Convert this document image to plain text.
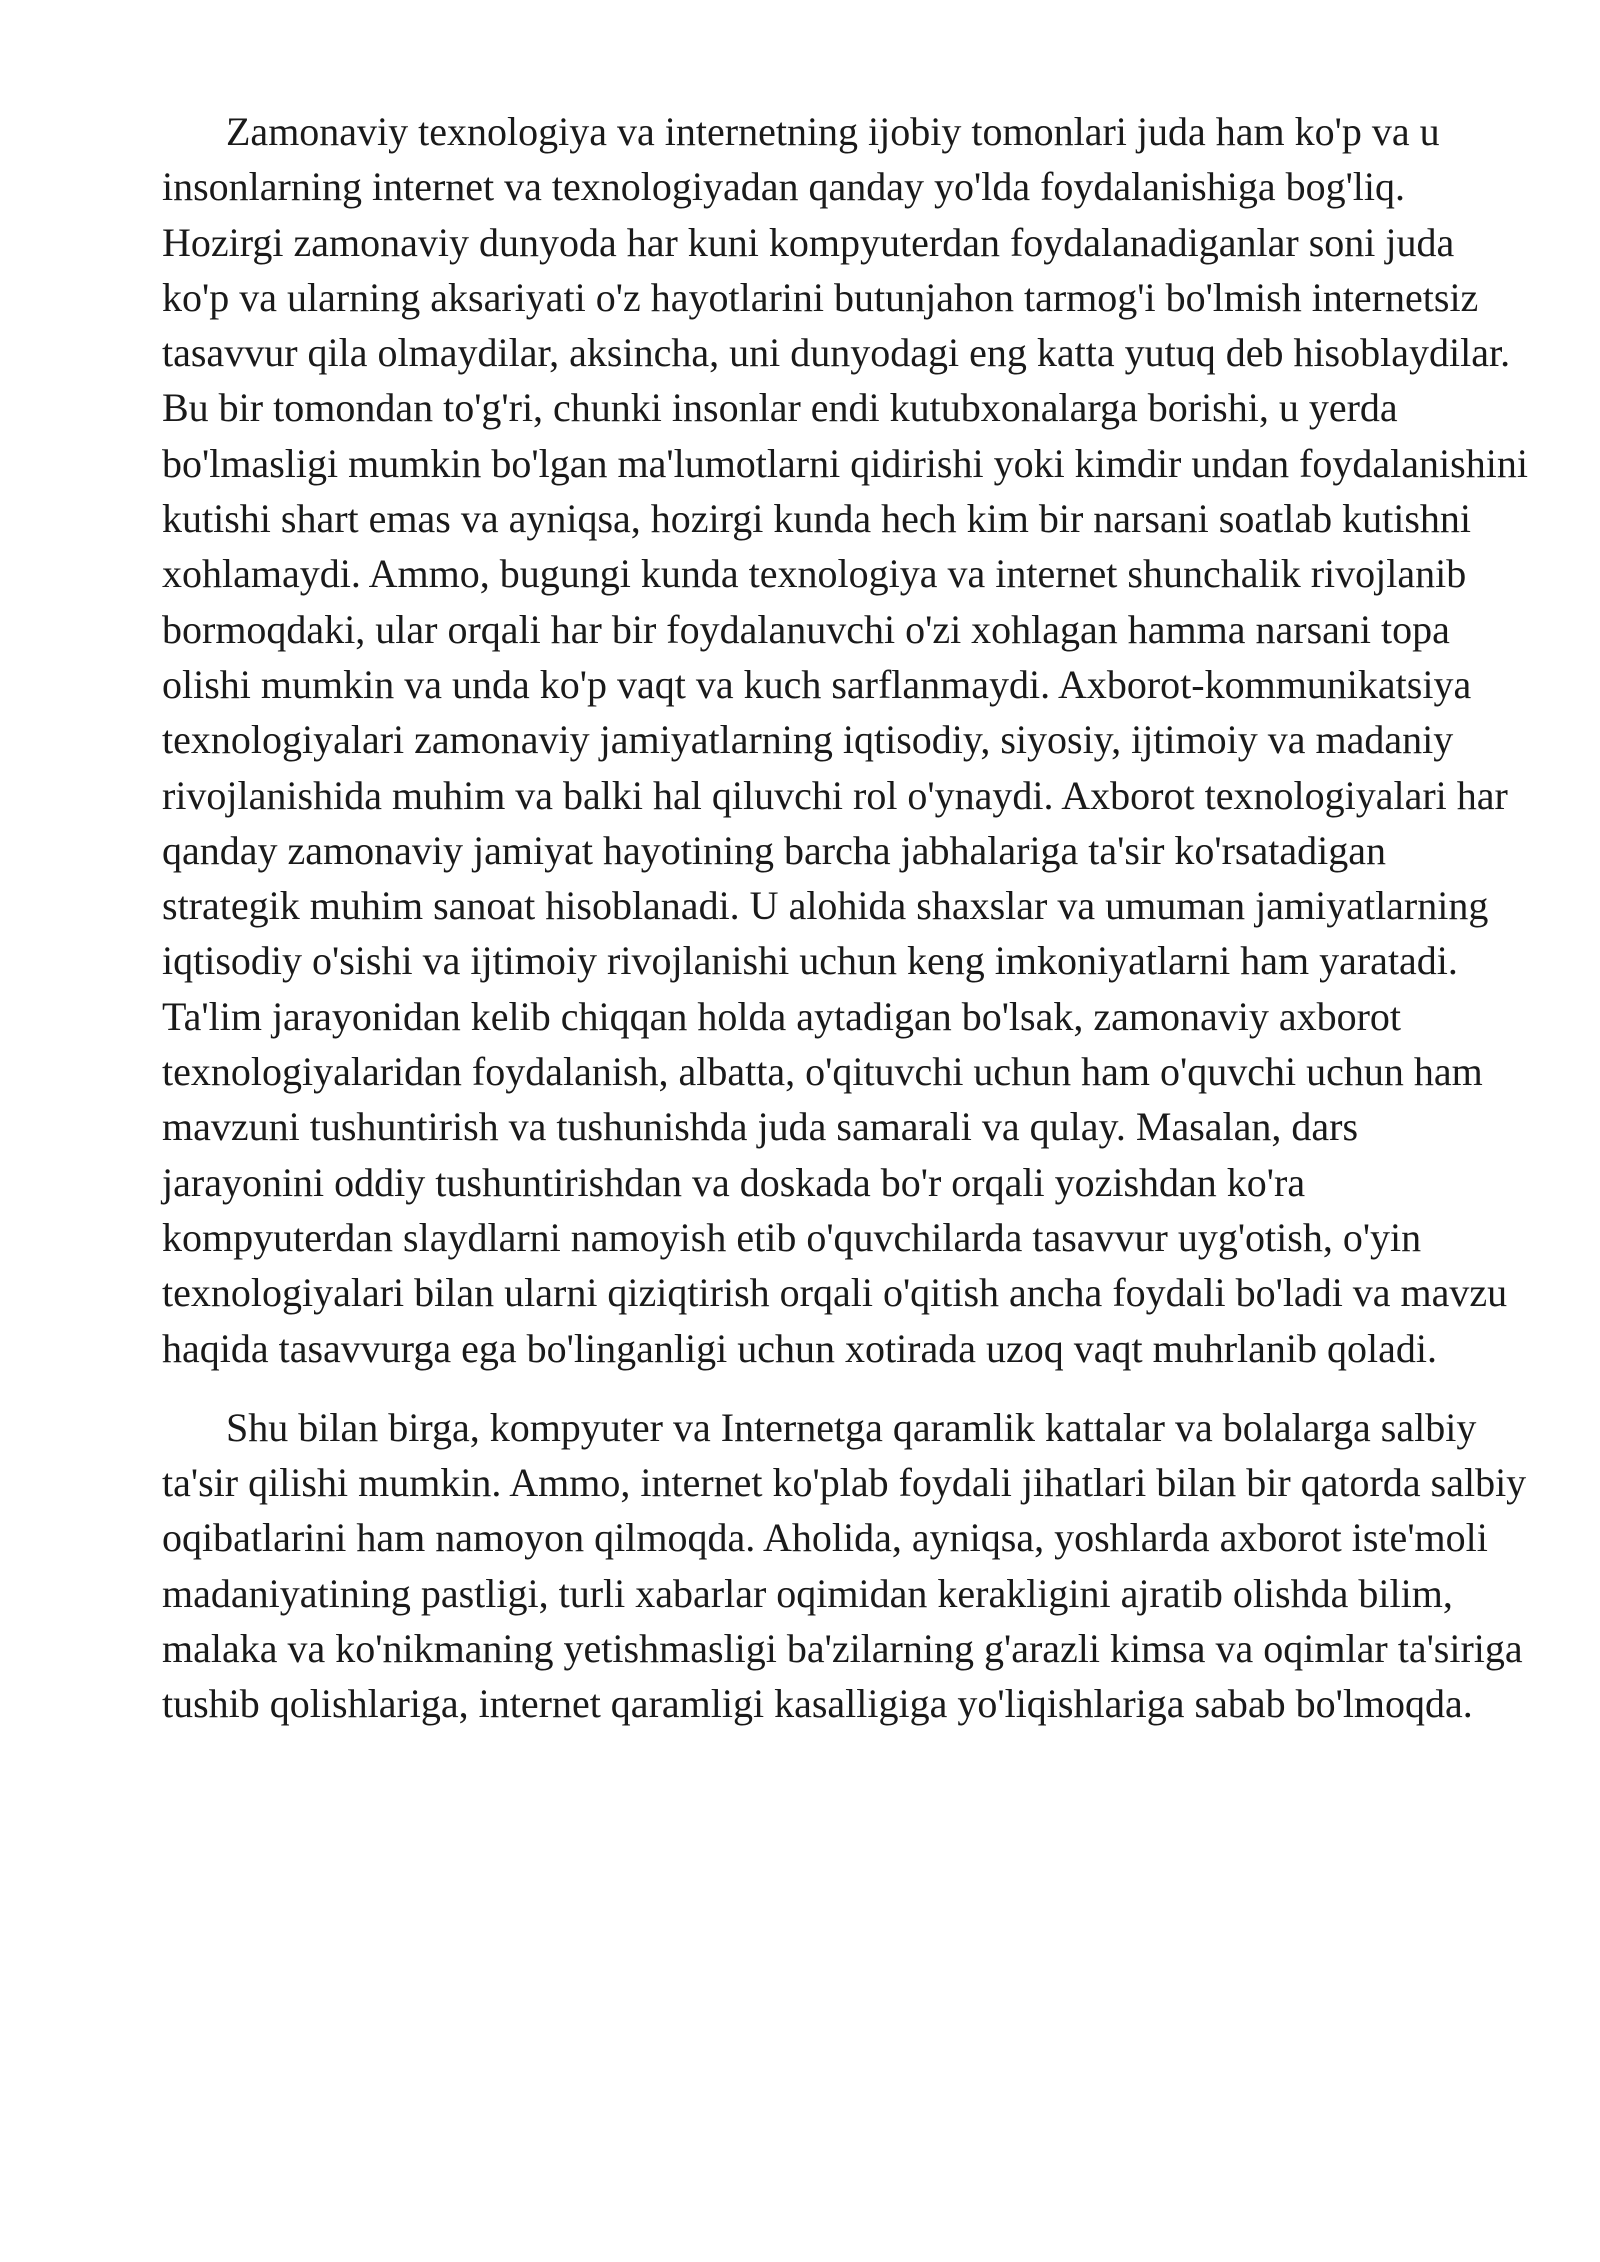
Zamonaviy texnologiya va internetning ijobiy tomonlari juda ham ko'p va u insonlarning internet va texnologiyadan qanday yo'lda foydalanishiga bog'liq. Hozirgi zamonaviy dunyoda har kuni kompyuterdan foydalanadiganlar soni juda ko'p va ularning aksariyati o'z hayotlarini butunjahon tarmog'i bo'lmish internetsiz tasavvur qila olmaydilar, aksincha, uni dunyodagi eng katta yutuq deb hisoblaydilar. Bu bir tomondan to'g'ri, chunki insonlar endi kutubxonalarga borishi, u yerda bo'lmasligi mumkin bo'lgan ma'lumotlarni qidirishi yoki kimdir undan foydalanishini kutishi shart emas va ayniqsa, hozirgi kunda hech kim bir narsani soatlab kutishni xohlamaydi. Ammo, bugungi kunda texnologiya va internet shunchalik rivojlanib bormoqdaki, ular orqali har bir foydalanuvchi o'zi xohlagan hamma narsani topa olishi mumkin va unda ko'p vaqt va kuch sarflanmaydi. Axborot-kommunikatsiya texnologiyalari zamonaviy jamiyatlarning iqtisodiy, siyosiy, ijtimoiy va madaniy rivojlanishida muhim va balki hal qiluvchi rol o'ynaydi. Axborot texnologiyalari har qanday zamonaviy jamiyat hayotining barcha jabhalariga ta'sir ko'rsatadigan strategik muhim sanoat hisoblanadi. U alohida shaxslar va umuman jamiyatlarning iqtisodiy o'sishi va ijtimoiy rivojlanishi uchun keng imkoniyatlarni ham yaratadi. Ta'lim jarayonidan kelib chiqqan holda aytadigan bo'lsak, zamonaviy axborot texnologiyalaridan foydalanish, albatta, o'qituvchi uchun ham o'quvchi uchun ham mavzuni tushuntirish va tushunishda juda samarali va qulay. Masalan, dars jarayonini oddiy tushuntirishdan va doskada bo'r orqali yozishdan ko'ra kompyuterdan slaydlarni namoyish etib o'quvchilarda tasavvur uyg'otish, o'yin texnologiyalari bilan ularni qiziqtirish orqali o'qitish ancha foydali bo'ladi va mavzu haqida tasavvurga ega bo'linganligi uchun xotirada uzoq vaqt muhrlanib qoladi.

Shu bilan birga, kompyuter va Internetga qaramlik kattalar va bolalarga salbiy ta'sir qilishi mumkin. Ammo, internet ko'plab foydali jihatlari bilan bir qatorda salbiy oqibatlarini ham namoyon qilmoqda. Aholida, ayniqsa, yoshlarda axborot iste'moli madaniyatining pastligi, turli xabarlar oqimidan kerakligini ajratib olishda bilim, malaka va ko'nikmaning yetishmasligi ba'zilarning g'arazli kimsa va oqimlar ta'siriga tushib qolishlariga, internet qaramligi kasalligiga yo'liqishlariga sabab bo'lmoqda.
